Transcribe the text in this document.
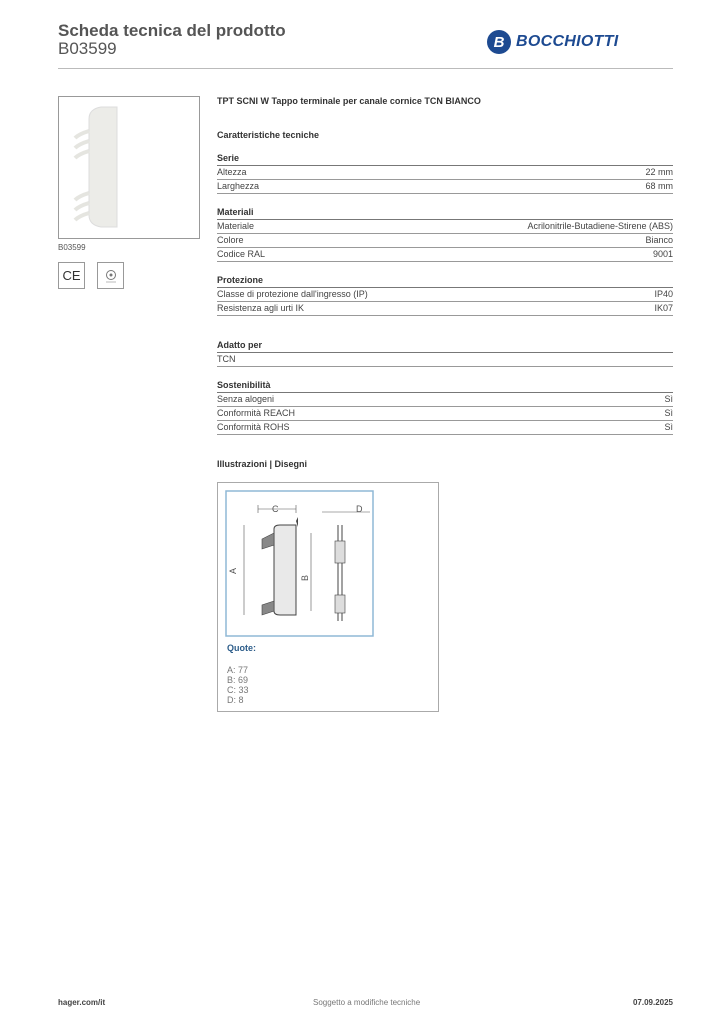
Scheda tecnica del prodotto
B03599	B BOCCHIOTTI
B03599
CE
TPT SCNI W Tappo terminale per canale cornice TCN BIANCO
Caratteristiche tecniche
Serie
Altezza	22 mm
Larghezza	68 mm
Materiali
Materiale	Acrilonitrile-Butadiene-Stirene (ABS)
Colore	Bianco
Codice RAL	9001
Protezione
Classe di protezione dall'ingresso (IP)	IP40
Resistenza agli urti IK	IK07
Adatto per
TCN
Sostenibilità
Senza alogeni	Sì
Conformità REACH	Sì
Conformità ROHS	Sì
Illustrazioni | Disegni
C
A
B
D
Quote:
A: 77
B: 69
C: 33
D: 8
hager.com/it	Soggetto a modifiche tecniche	07.09.2025
